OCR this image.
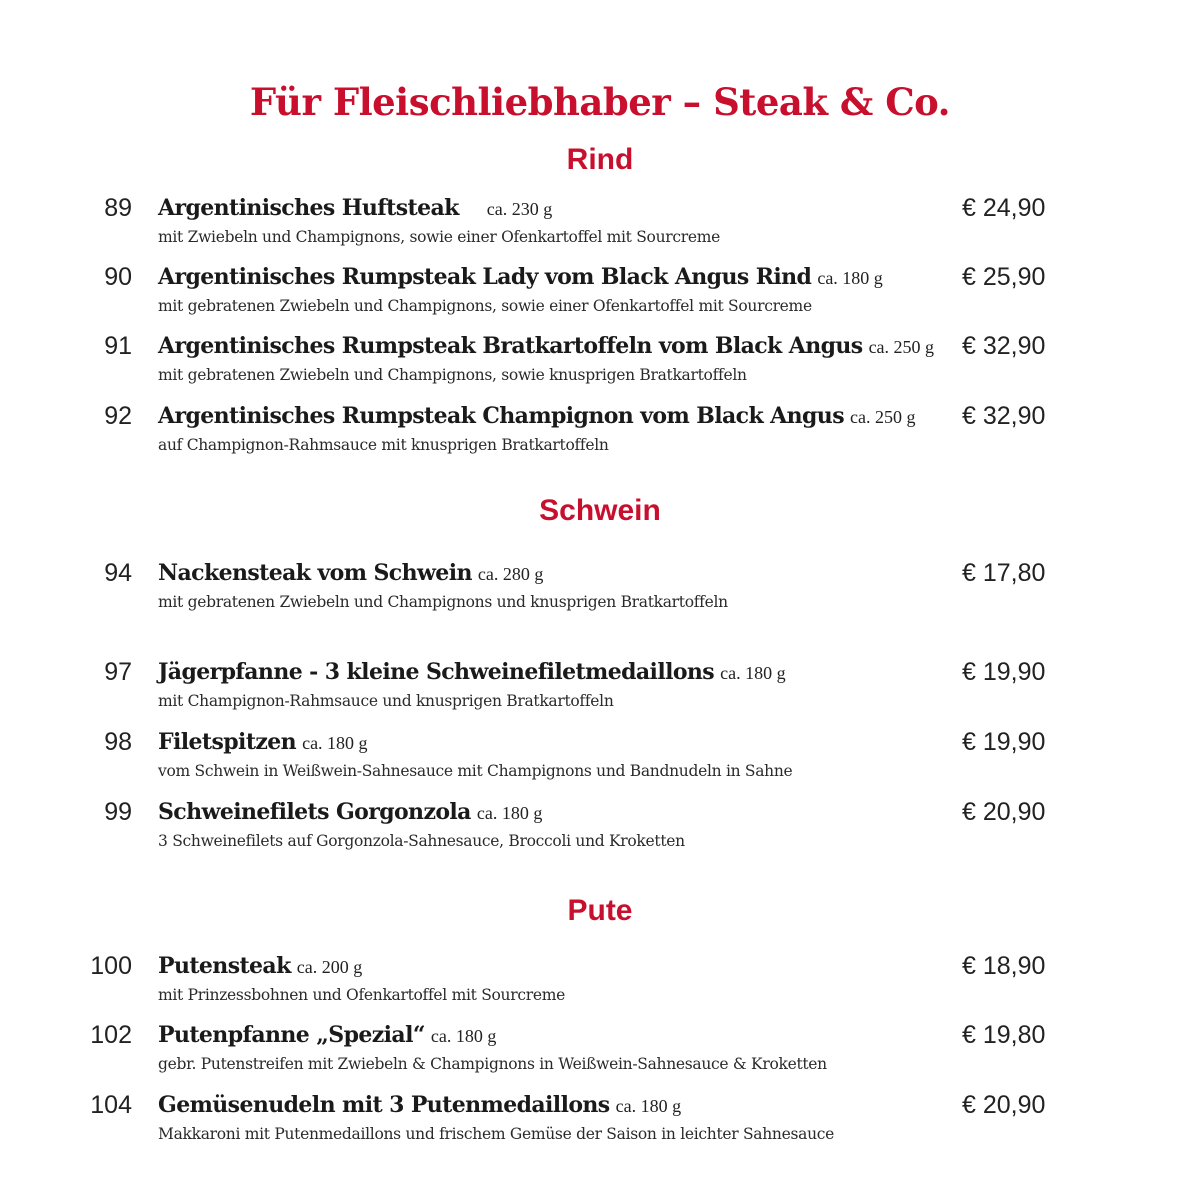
Für Fleischliebhaber – Steak & Co.
Rind
89 Argentinisches Huftsteak ca. 230 g	€ 24,90
mit Zwiebeln und Champignons, sowie einer Ofenkartoffel mit Sourcreme
90 Argentinisches Rumpsteak Lady vom Black Angus Rind ca. 180 g	€ 25,90
mit gebratenen Zwiebeln und Champignons, sowie einer Ofenkartoffel mit Sourcreme
91 Argentinisches Rumpsteak Bratkartoffeln vom Black Angus ca. 250 g € 32,90
mit gebratenen Zwiebeln und Champignons, sowie knusprigen Bratkartoffeln
92 Argentinisches Rumpsteak Champignon vom Black Angus ca. 250 g € 32,90
auf Champignon-Rahmsauce mit knusprigen Bratkartoffeln
Schwein
94 Nackensteak vom Schwein ca. 280 g	€ 17,80
mit gebratenen Zwiebeln und Champignons und knusprigen Bratkartoffeln
97 Jägerpfanne - 3 kleine Schweinefiletmedaillons ca. 180 g	€ 19,90
mit Champignon-Rahmsauce und knusprigen Bratkartoffeln
98 Filetspitzen ca. 180 g	€ 19,90
vom Schwein in Weißwein-Sahnesauce mit Champignons und Bandnudeln in Sahne
99 Schweinefilets Gorgonzola ca. 180 g	€ 20,90
3 Schweinefilets auf Gorgonzola-Sahnesauce, Broccoli und Kroketten
Pute
100 Putensteak ca. 200 g	€ 18,90
mit Prinzessbohnen und Ofenkartoffel mit Sourcreme
102 Putenpfanne „Spezial“ ca. 180 g	€ 19,80
gebr. Putenstreifen mit Zwiebeln & Champignons in Weißwein-Sahnesauce & Kroketten
104 Gemüsenudeln mit 3 Putenmedaillons ca. 180 g	€ 20,90
Makkaroni mit Putenmedaillons und frischem Gemüse der Saison in leichter Sahnesauce
